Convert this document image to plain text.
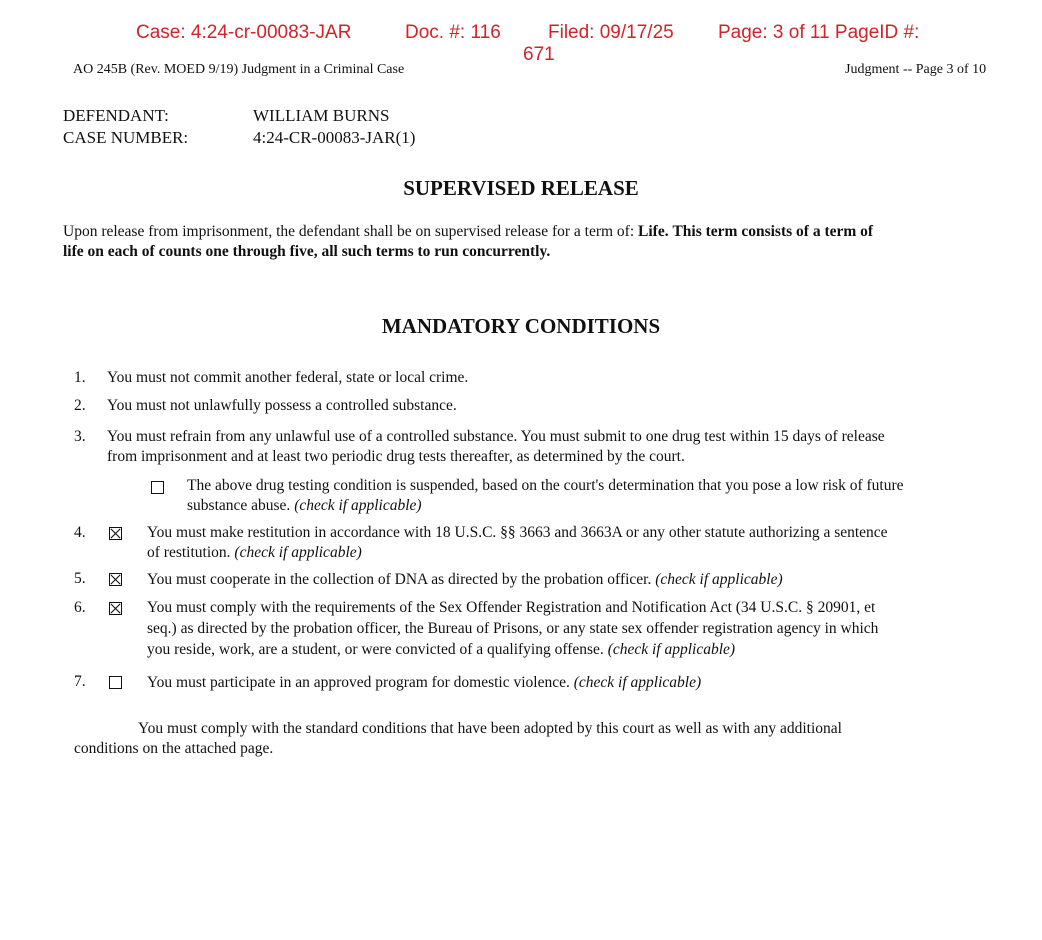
Case: 4:24-cr-00083-JAR	Doc. #: 116 Filed: 09/17/25 Page: 3 of 11 PageID #:
671
AO 245B (Rev. MOED 9/19) Judgment in a Criminal Case	Judgment -- Page 3 of 10
DEFENDANT:	WILLIAM BURNS
CASE NUMBER:	4:24-CR-00083-JAR(1)
SUPERVISED RELEASE
Upon release from imprisonment, the defendant shall be on supervised release for a term of: Life. This term consists of a term of
life on each of counts one through five, all such terms to run concurrently.
MANDATORY CONDITIONS
1. You must not commit another federal, state or local crime.
2. You must not unlawfully possess a controlled substance.
3. You must refrain from any unlawful use of a controlled substance. You must submit to one drug test within 15 days of release
from imprisonment and at least two periodic drug tests thereafter, as determined by the court.
The above drug testing condition is suspended, based on the court's determination that you pose a low risk of future
substance abuse. (check if applicable)
4.	You must make restitution in accordance with 18 U.S.C. §§ 3663 and 3663A or any other statute authorizing a sentence
of restitution. (check if applicable)
5.	You must cooperate in the collection of DNA as directed by the probation officer. (check if applicable)
6.	You must comply with the requirements of the Sex Offender Registration and Notification Act (34 U.S.C. § 20901, et
seq.) as directed by the probation officer, the Bureau of Prisons, or any state sex offender registration agency in which
you reside, work, are a student, or were convicted of a qualifying offense. (check if applicable)
7.	You must participate in an approved program for domestic violence. (check if applicable)
You must comply with the standard conditions that have been adopted by this court as well as with any additional
conditions on the attached page.
